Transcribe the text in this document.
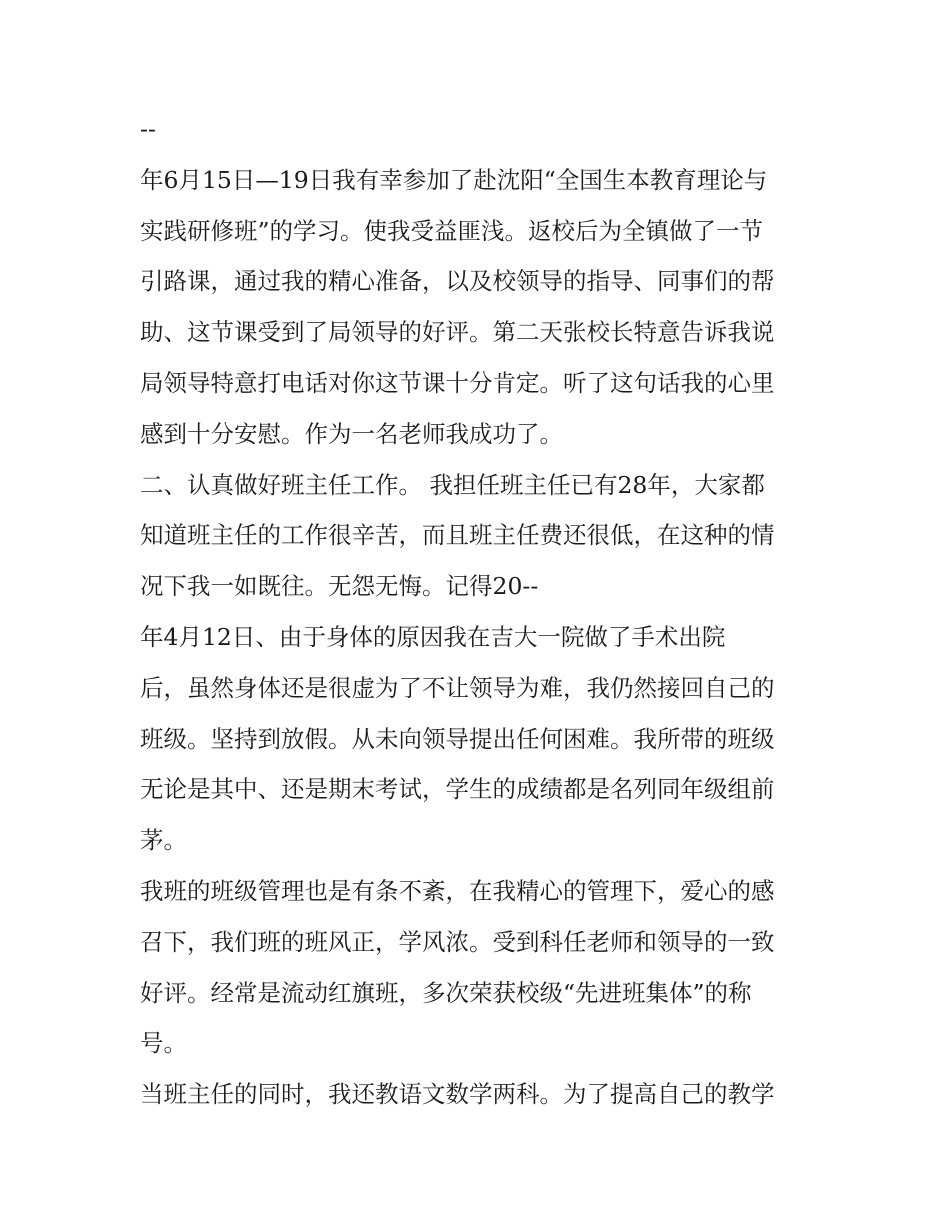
--
年6月15日—19日我有幸参加了赴沈阳“全国生本教育理论与
实践研修班”的学习。使我受益匪浅。返校后为全镇做了一节
引路课，通过我的精心准备，以及校领导的指导、同事们的帮
助、这节课受到了局领导的好评。第二天张校长特意告诉我说
局领导特意打电话对你这节课十分肯定。听了这句话我的心里
感到十分安慰。作为一名老师我成功了。
二、认真做好班主任工作。 我担任班主任已有28年，大家都
知道班主任的工作很辛苦，而且班主任费还很低，在这种的情
况下我一如既往。无怨无悔。记得20--
年4月12日、由于身体的原因我在吉大一院做了手术出院
后，虽然身体还是很虚为了不让领导为难，我仍然接回自己的
班级。坚持到放假。从未向领导提出任何困难。我所带的班级
无论是其中、还是期末考试，学生的成绩都是名列同年级组前
茅。
我班的班级管理也是有条不紊，在我精心的管理下，爱心的感
召下，我们班的班风正，学风浓。受到科任老师和领导的一致
好评。经常是流动红旗班，多次荣获校级“先进班集体”的称
号。
当班主任的同时，我还教语文数学两科。为了提高自己的教学
